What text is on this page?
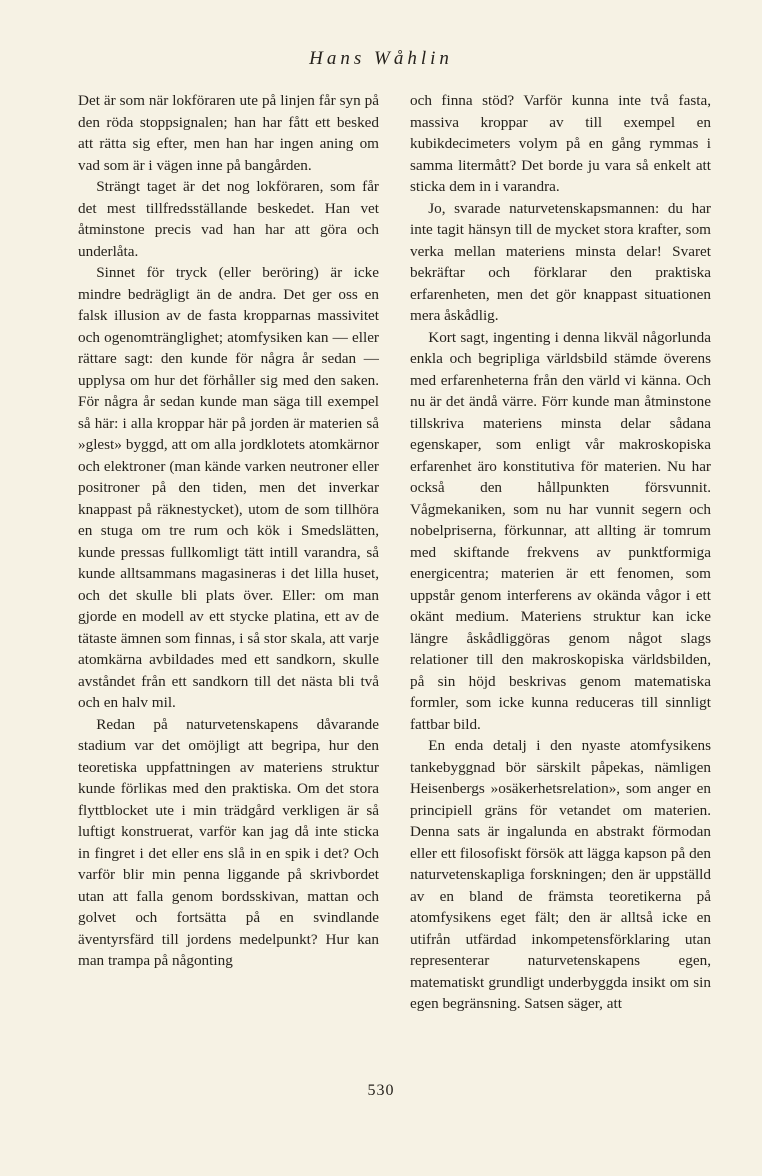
Hans Wåhlin

Det är som när lokföraren ute på linjen får syn på den röda stoppsignalen; han har fått ett besked att rätta sig efter, men han har ingen aning om vad som är i vägen inne på bangården.

Strängt taget är det nog lokföraren, som får det mest tillfredsställande beskedet. Han vet åtminstone precis vad han har att göra och underlåta.

Sinnet för tryck (eller beröring) är icke mindre bedrägligt än de andra. Det ger oss en falsk illusion av de fasta kropparnas massivitet och ogenomtränglighet; atomfysiken kan — eller rättare sagt: den kunde för några år sedan — upplysa om hur det förhåller sig med den saken. För några år sedan kunde man säga till exempel så här: i alla kroppar här på jorden är materien så »glest» byggd, att om alla jordklotets atomkärnor och elektroner (man kände varken neutroner eller positroner på den tiden, men det inverkar knappast på räknestycket), utom de som tillhöra en stuga om tre rum och kök i Smedslätten, kunde pressas fullkomligt tätt intill varandra, så kunde alltsammans magasineras i det lilla huset, och det skulle bli plats över. Eller: om man gjorde en modell av ett stycke platina, ett av de tätaste ämnen som finnas, i så stor skala, att varje atomkärna avbildades med ett sandkorn, skulle avståndet från ett sandkorn till det nästa bli två och en halv mil.

Redan på naturvetenskapens dåvarande stadium var det omöjligt att begripa, hur den teoretiska uppfattningen av materiens struktur kunde förlikas med den praktiska. Om det stora flyttblocket ute i min trädgård verkligen är så luftigt konstruerat, varför kan jag då inte sticka in fingret i det eller ens slå in en spik i det? Och varför blir min penna liggande på skrivbordet utan att falla genom bordsskivan, mattan och golvet och fortsätta på en svindlande äventyrsfärd till jordens medelpunkt? Hur kan man trampa på någonting

och finna stöd? Varför kunna inte två fasta, massiva kroppar av till exempel en kubikdecimeters volym på en gång rymmas i samma litermått? Det borde ju vara så enkelt att sticka dem in i varandra.

Jo, svarade naturvetenskapsmannen: du har inte tagit hänsyn till de mycket stora krafter, som verka mellan materiens minsta delar! Svaret bekräftar och förklarar den praktiska erfarenheten, men det gör knappast situationen mera åskådlig.

Kort sagt, ingenting i denna likväl någorlunda enkla och begripliga världsbild stämde överens med erfarenheterna från den värld vi känna. Och nu är det ändå värre. Förr kunde man åtminstone tillskriva materiens minsta delar sådana egenskaper, som enligt vår makroskopiska erfarenhet äro konstitutiva för materien. Nu har också den hållpunkten försvunnit. Vågmekaniken, som nu har vunnit segern och nobelpriserna, förkunnar, att allting är tomrum med skiftande frekvens av punktformiga energicentra; materien är ett fenomen, som uppstår genom interferens av okända vågor i ett okänt medium. Materiens struktur kan icke längre åskådliggöras genom något slags relationer till den makroskopiska världsbilden, på sin höjd beskrivas genom matematiska formler, som icke kunna reduceras till sinnligt fattbar bild.

En enda detalj i den nyaste atomfysikens tankebyggnad bör särskilt påpekas, nämligen Heisenbergs »osäkerhetsrelation», som anger en principiell gräns för vetandet om materien. Denna sats är ingalunda en abstrakt förmodan eller ett filosofiskt försök att lägga kapson på den naturvetenskapliga forskningen; den är uppställd av en bland de främsta teoretikerna på atomfysikens eget fält; den är alltså icke en utifrån utfärdad inkompetensförklaring utan representerar naturvetenskapens egen, matematiskt grundligt underbyggda insikt om sin egen begränsning. Satsen säger, att

530
